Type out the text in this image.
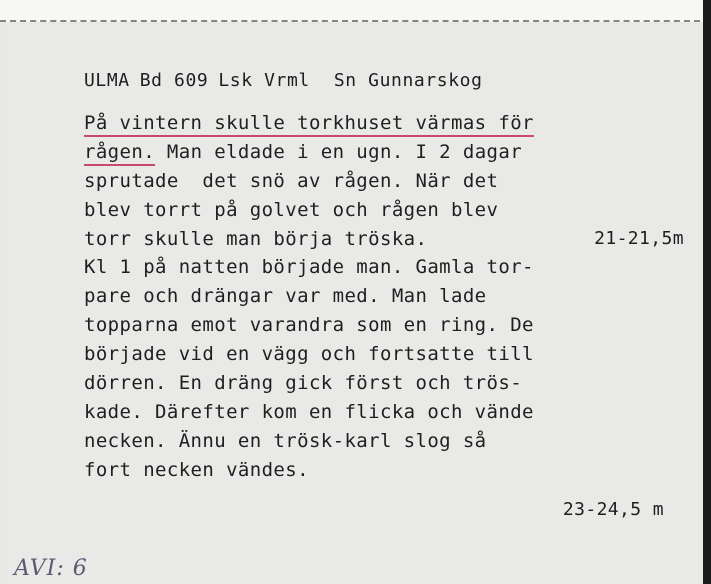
ULMA Bd 609 Lsk Vrml Sn Gunnarskog
På vintern skulle torkhuset värmas för
rågen. Man eldade i en ugn. I 2 dagar
sprutade  det snö av rågen. När det
blev torrt på golvet och rågen blev
torr skulle man börja tröska.	21-21,5m
Kl 1 på natten började man. Gamla tor-
pare och drängar var med. Man lade
topparna emot varandra som en ring. De
började vid en vägg och fortsatte till
dörren. En dräng gick först och trös-
kade. Därefter kom en flicka och vände
necken. Ännu en trösk-karl slog så
fort necken vändes.
23-24,5 m
AVI: 6
